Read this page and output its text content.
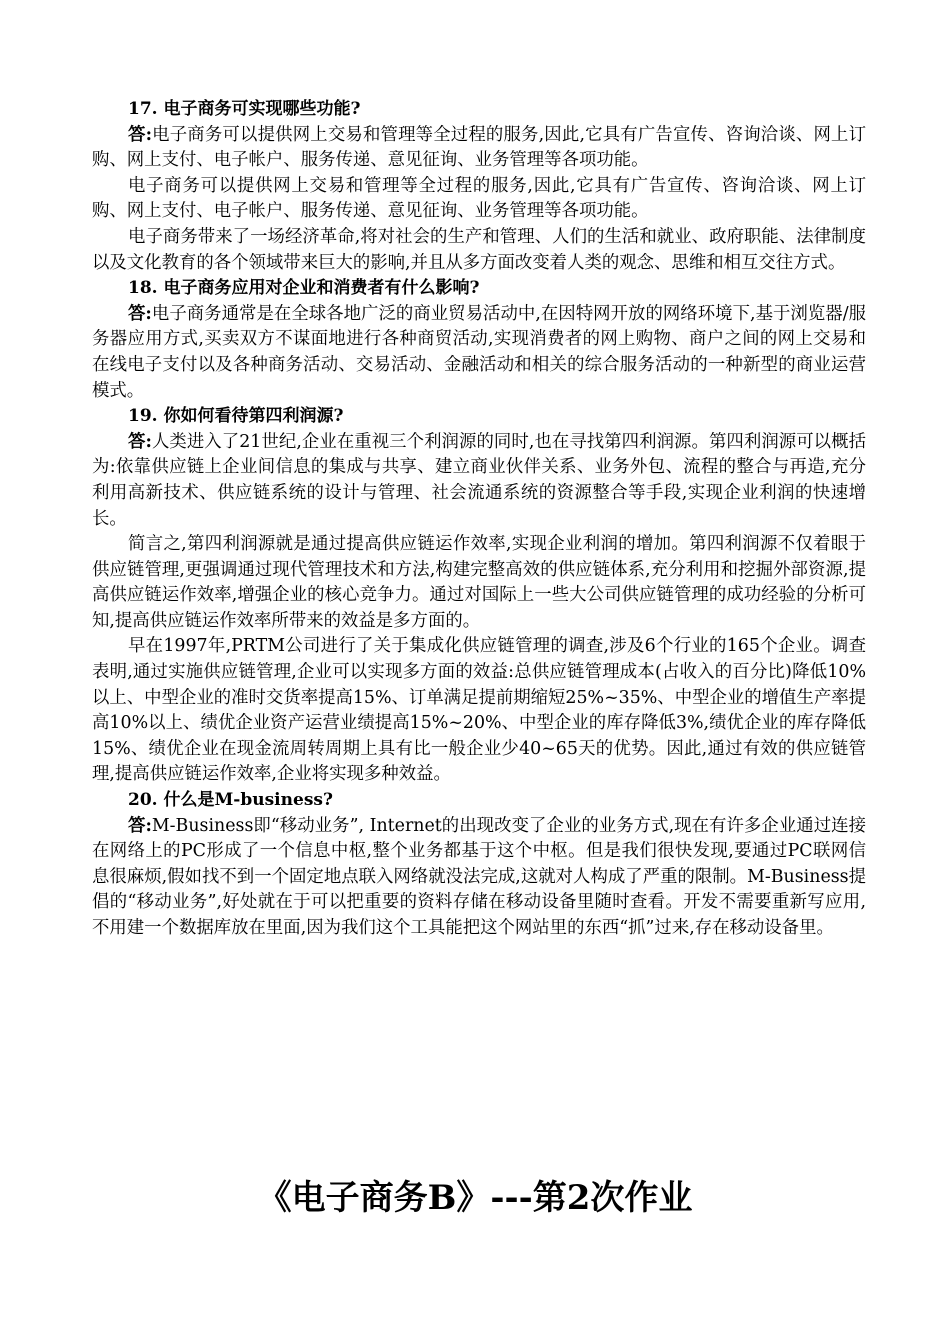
17. 电子商务可实现哪些功能?

答:电子商务可以提供网上交易和管理等全过程的服务,因此,它具有广告宣传、咨询洽谈、网上订购、网上支付、电子帐户、服务传递、意见征询、业务管理等各项功能。

电子商务可以提供网上交易和管理等全过程的服务,因此,它具有广告宣传、咨询洽谈、网上订购、网上支付、电子帐户、服务传递、意见征询、业务管理等各项功能。

电子商务带来了一场经济革命,将对社会的生产和管理、人们的生活和就业、政府职能、法律制度以及文化教育的各个领域带来巨大的影响,并且从多方面改变着人类的观念、思维和相互交往方式。

18. 电子商务应用对企业和消费者有什么影响?

答:电子商务通常是在全球各地广泛的商业贸易活动中,在因特网开放的网络环境下,基于浏览器/服务器应用方式,买卖双方不谋面地进行各种商贸活动,实现消费者的网上购物、商户之间的网上交易和在线电子支付以及各种商务活动、交易活动、金融活动和相关的综合服务活动的一种新型的商业运营模式。

19. 你如何看待第四利润源?

答:人类进入了21世纪,企业在重视三个利润源的同时,也在寻找第四利润源。第四利润源可以概括为:依靠供应链上企业间信息的集成与共享、建立商业伙伴关系、业务外包、流程的整合与再造,充分利用高新技术、供应链系统的设计与管理、社会流通系统的资源整合等手段,实现企业利润的快速增长。

简言之,第四利润源就是通过提高供应链运作效率,实现企业利润的增加。第四利润源不仅着眼于供应链管理,更强调通过现代管理技术和方法,构建完整高效的供应链体系,充分利用和挖掘外部资源,提高供应链运作效率,增强企业的核心竞争力。通过对国际上一些大公司供应链管理的成功经验的分析可知,提高供应链运作效率所带来的效益是多方面的。

早在1997年,PRTM公司进行了关于集成化供应链管理的调查,涉及6个行业的165个企业。调查表明,通过实施供应链管理,企业可以实现多方面的效益:总供应链管理成本(占收入的百分比)降低10%以上、中型企业的准时交货率提高15%、订单满足提前期缩短25%~35%、中型企业的增值生产率提高10%以上、绩优企业资产运营业绩提高15%~20%、中型企业的库存降低3%,绩优企业的库存降低15%、绩优企业在现金流周转周期上具有比一般企业少40~65天的优势。因此,通过有效的供应链管理,提高供应链运作效率,企业将实现多种效益。

20. 什么是M-business?

答:M-Business即“移动业务”, Internet的出现改变了企业的业务方式,现在有许多企业通过连接在网络上的PC形成了一个信息中枢,整个业务都基于这个中枢。但是我们很快发现,要通过PC联网信息很麻烦,假如找不到一个固定地点联入网络就没法完成,这就对人构成了严重的限制。M-Business提倡的“移动业务”,好处就在于可以把重要的资料存储在移动设备里随时查看。开发不需要重新写应用,不用建一个数据库放在里面,因为我们这个工具能把这个网站里的东西“抓”过来,存在移动设备里。

《电子商务B》---第2次作业
